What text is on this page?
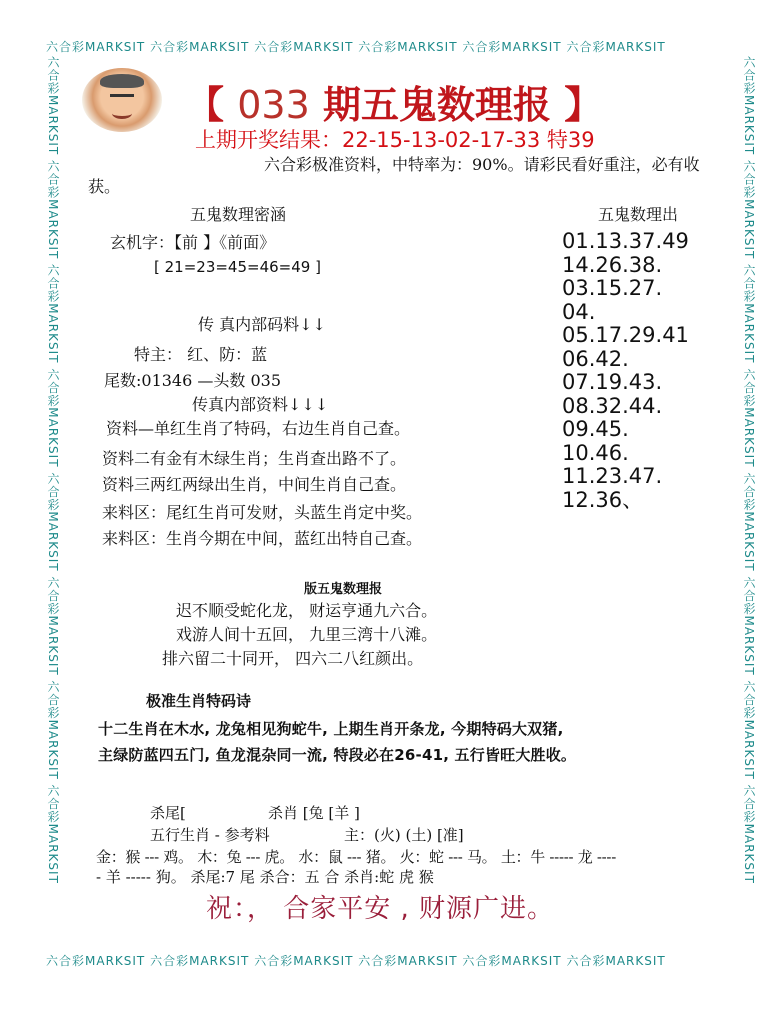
六合彩MARKSIT 六合彩MARKSIT 六合彩MARKSIT 六合彩MARKSIT 六合彩MARKSIT 六合彩MARKSIT
六合彩MARKSIT 六合彩MARKSIT 六合彩MARKSIT 六合彩MARKSIT 六合彩MARKSIT 六合彩MARKSIT
六合彩MARKSIT 六合彩MARKSIT 六合彩MARKSIT 六合彩MARKSIT 六合彩MARKSIT 六合彩MARKSIT 六合彩MARKSIT 六合彩MARKSIT
六合彩MARKSIT 六合彩MARKSIT 六合彩MARKSIT 六合彩MARKSIT 六合彩MARKSIT 六合彩MARKSIT 六合彩MARKSIT 六合彩MARKSIT
【 033 期五鬼数理报 】
上期开奖结果：22-15-13-02-17-33 特39
六合彩极准资料，中特率为：90%。请彩民看好重注，必有收
获。
五鬼数理密涵	五鬼数理出
玄机字：【前 】《前面》
[ 21=23=45=46=49 ]
传 真内部码料↓↓
特主： 红、防：蓝
尾数:01346 —头数 035
传真内部资料↓↓↓
资料—单红生肖了特码，右边生肖自己查。
资料二有金有木绿生肖；生肖查出路不了。
资料三两红两绿出生肖，中间生肖自己查。
来料区：尾红生肖可发财，头蓝生肖定中奖。
来料区：生肖今期在中间，蓝红出特自己查。
01.13.37.49
14.26.38.
03.15.27.
04.
05.17.29.41
06.42.
07.19.43.
08.32.44.
09.45.
10.46.
11.23.47.
12.36、
版五鬼数理报
迟不顺受蛇化龙， 财运亨通九六合。
戏游人间十五回， 九里三湾十八滩。
排六留二十同开， 四六二八红颜出。
极准生肖特码诗
十二生肖在木水, 龙兔相见狗蛇牛, 上期生肖开条龙, 今期特码大双猪,
主绿防蓝四五门, 鱼龙混杂同一流, 特段必在26-41, 五行皆旺大胜收。
杀尾[	杀肖 [兔 [羊 ]
五行生肖 - 参考料	主：(火) (土) [准]
金：猴 --- 鸡。 木：兔 --- 虎。 水：鼠 --- 猪。 火：蛇 --- 马。 土：牛 ----- 龙 ----
- 羊 ----- 狗。 杀尾:7 尾 杀合：五 合 杀肖:蛇 虎 猴
祝：， 合家平安 , 财源广进。
